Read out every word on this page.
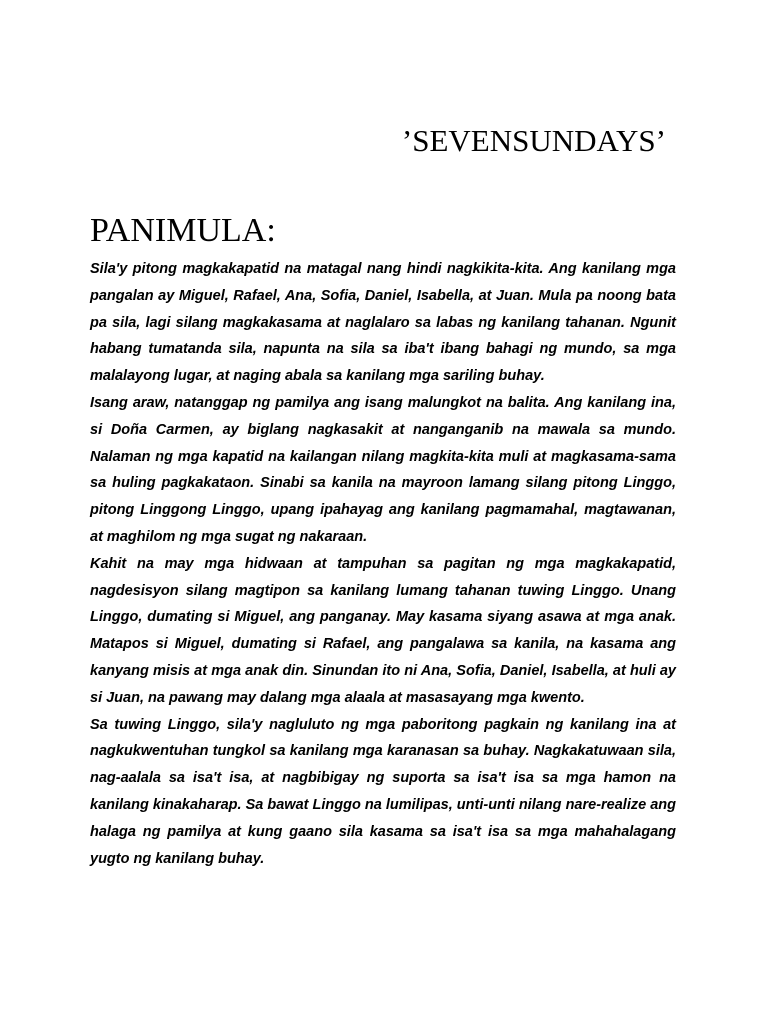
’SEVENSUNDAYS’
PANIMULA:

Sila'y pitong magkakapatid na matagal nang hindi nagkikita-kita. Ang kanilang mga pangalan ay Miguel, Rafael, Ana, Sofia, Daniel, Isabella, at Juan. Mula pa noong bata pa sila, lagi silang magkakasama at naglalaro sa labas ng kanilang tahanan. Ngunit habang tumatanda sila, napunta na sila sa iba't ibang bahagi ng mundo, sa mga malalayong lugar, at naging abala sa kanilang mga sariling buhay.

Isang araw, natanggap ng pamilya ang isang malungkot na balita. Ang kanilang ina, si Doña Carmen, ay biglang nagkasakit at nanganganib na mawala sa mundo. Nalaman ng mga kapatid na kailangan nilang magkita-kita muli at magkasama-sama sa huling pagkakataon. Sinabi sa kanila na mayroon lamang silang pitong Linggo, pitong Linggong Linggo, upang ipahayag ang kanilang pagmamahal, magtawanan, at maghilom ng mga sugat ng nakaraan.

Kahit na may mga hidwaan at tampuhan sa pagitan ng mga magkakapatid, nagdesisyon silang magtipon sa kanilang lumang tahanan tuwing Linggo. Unang Linggo, dumating si Miguel, ang panganay. May kasama siyang asawa at mga anak. Matapos si Miguel, dumating si Rafael, ang pangalawa sa kanila, na kasama ang kanyang misis at mga anak din. Sinundan ito ni Ana, Sofia, Daniel, Isabella, at huli ay si Juan, na pawang may dalang mga alaala at masasayang mga kwento.

Sa tuwing Linggo, sila'y nagluluto ng mga paboritong pagkain ng kanilang ina at nagkukwentuhan tungkol sa kanilang mga karanasan sa buhay. Nagkakatuwaan sila, nag-aalala sa isa't isa, at nagbibigay ng suporta sa isa't isa sa mga hamon na kanilang kinakaharap. Sa bawat Linggo na lumilipas, unti-unti nilang nare-realize ang halaga ng pamilya at kung gaano sila kasama sa isa't isa sa mga mahahalagang yugto ng kanilang buhay.
